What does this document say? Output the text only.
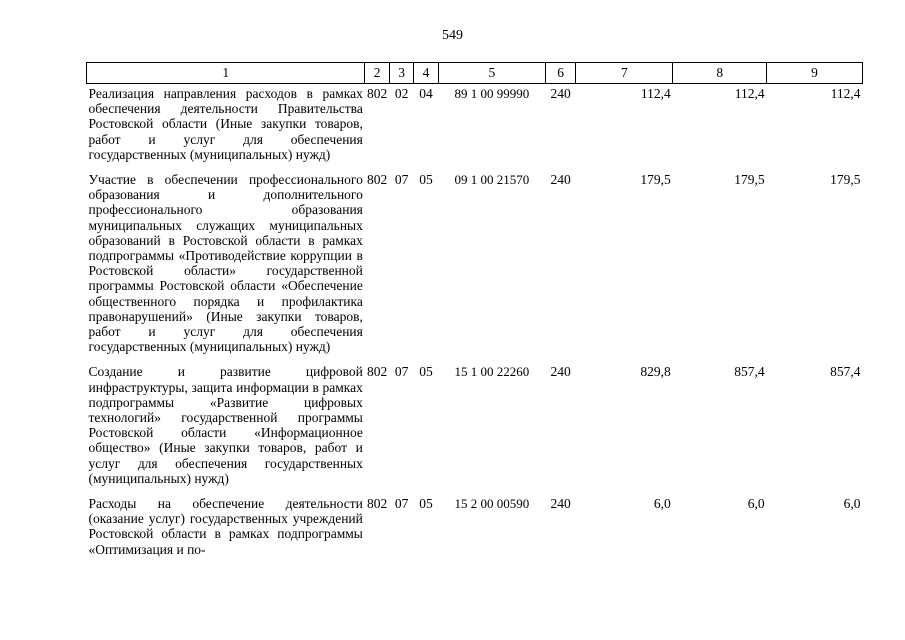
549
1	2	3	4	5	6	7	8	9
Реализация направления расходов в рамках обеспечения деятельности Правительства Ростовской области (Иные закупки товаров, работ и услуг для обеспечения государственных (муниципальных) нужд)	802	02	04	89 1 00 99990	240	112,4	112,4	112,4
Участие в обеспечении профессионального образования и дополнительного профессионального образования муниципальных служащих муниципальных образований в Ростовской области в рамках подпрограммы «Противодействие коррупции в Ростовской области» государственной программы Ростовской области «Обеспечение общественного порядка и профилактика правонарушений» (Иные закупки товаров, работ и услуг для обеспечения государственных (муниципальных) нужд)	802	07	05	09 1 00 21570	240	179,5	179,5	179,5
Создание и развитие цифровой инфраструктуры, защита информации в рамках подпрограммы «Развитие цифровых технологий» государственной программы Ростовской области «Информационное общество» (Иные закупки товаров, работ и услуг для обеспечения государственных (муниципальных) нужд)	802	07	05	15 1 00 22260	240	829,8	857,4	857,4
Расходы на обеспечение деятельности (оказание услуг) государственных учреждений Ростовской области в рамках подпрограммы «Оптимизация и по-	802	07	05	15 2 00 00590	240	6,0	6,0	6,0
